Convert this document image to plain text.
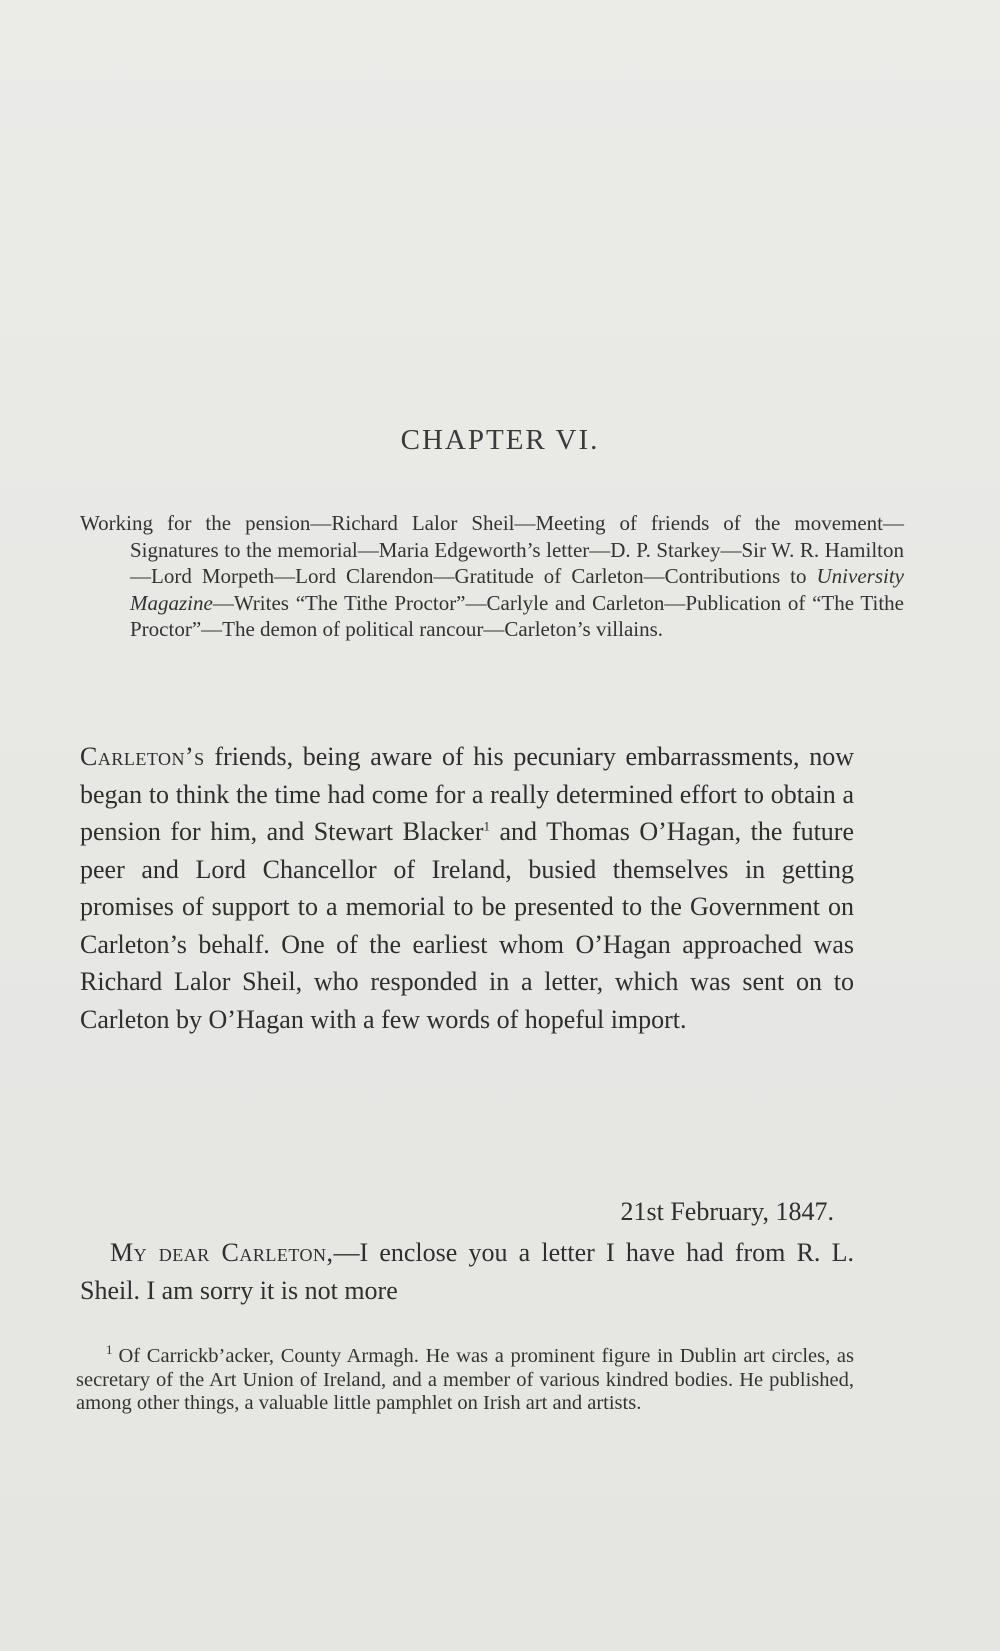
CHAPTER VI.
Working for the pension—Richard Lalor Sheil—Meeting of friends of the movement—Signatures to the memorial—Maria Edgeworth’s letter—D. P. Starkey—Sir W. R. Hamilton—Lord Morpeth—Lord Clarendon—Gratitude of Carleton—Contributions to University Magazine—Writes “The Tithe Proctor”—Carlyle and Carleton—Publication of “The Tithe Proctor”—The demon of political rancour—Carleton’s villains.
Carleton’s friends, being aware of his pecuniary embarrassments, now began to think the time had come for a really determined effort to obtain a pension for him, and Stewart Blacker$^1$ and Thomas O’Hagan, the future peer and Lord Chancellor of Ireland, busied themselves in getting promises of support to a memorial to be presented to the Government on Carleton’s behalf. One of the earliest whom O’Hagan approached was Richard Lalor Sheil, who responded in a letter, which was sent on to Carleton by O’Hagan with a few words of hopeful import.
21st February, 1847.
My dear Carleton,—I enclose you a letter I have had from R. L. Sheil. I am sorry it is not more
$^1$ Of Carrickb’acker, County Armagh. He was a prominent figure in Dublin art circles, as secretary of the Art Union of Ireland, and a member of various kindred bodies. He published, among other things, a valuable little pamphlet on Irish art and artists.
